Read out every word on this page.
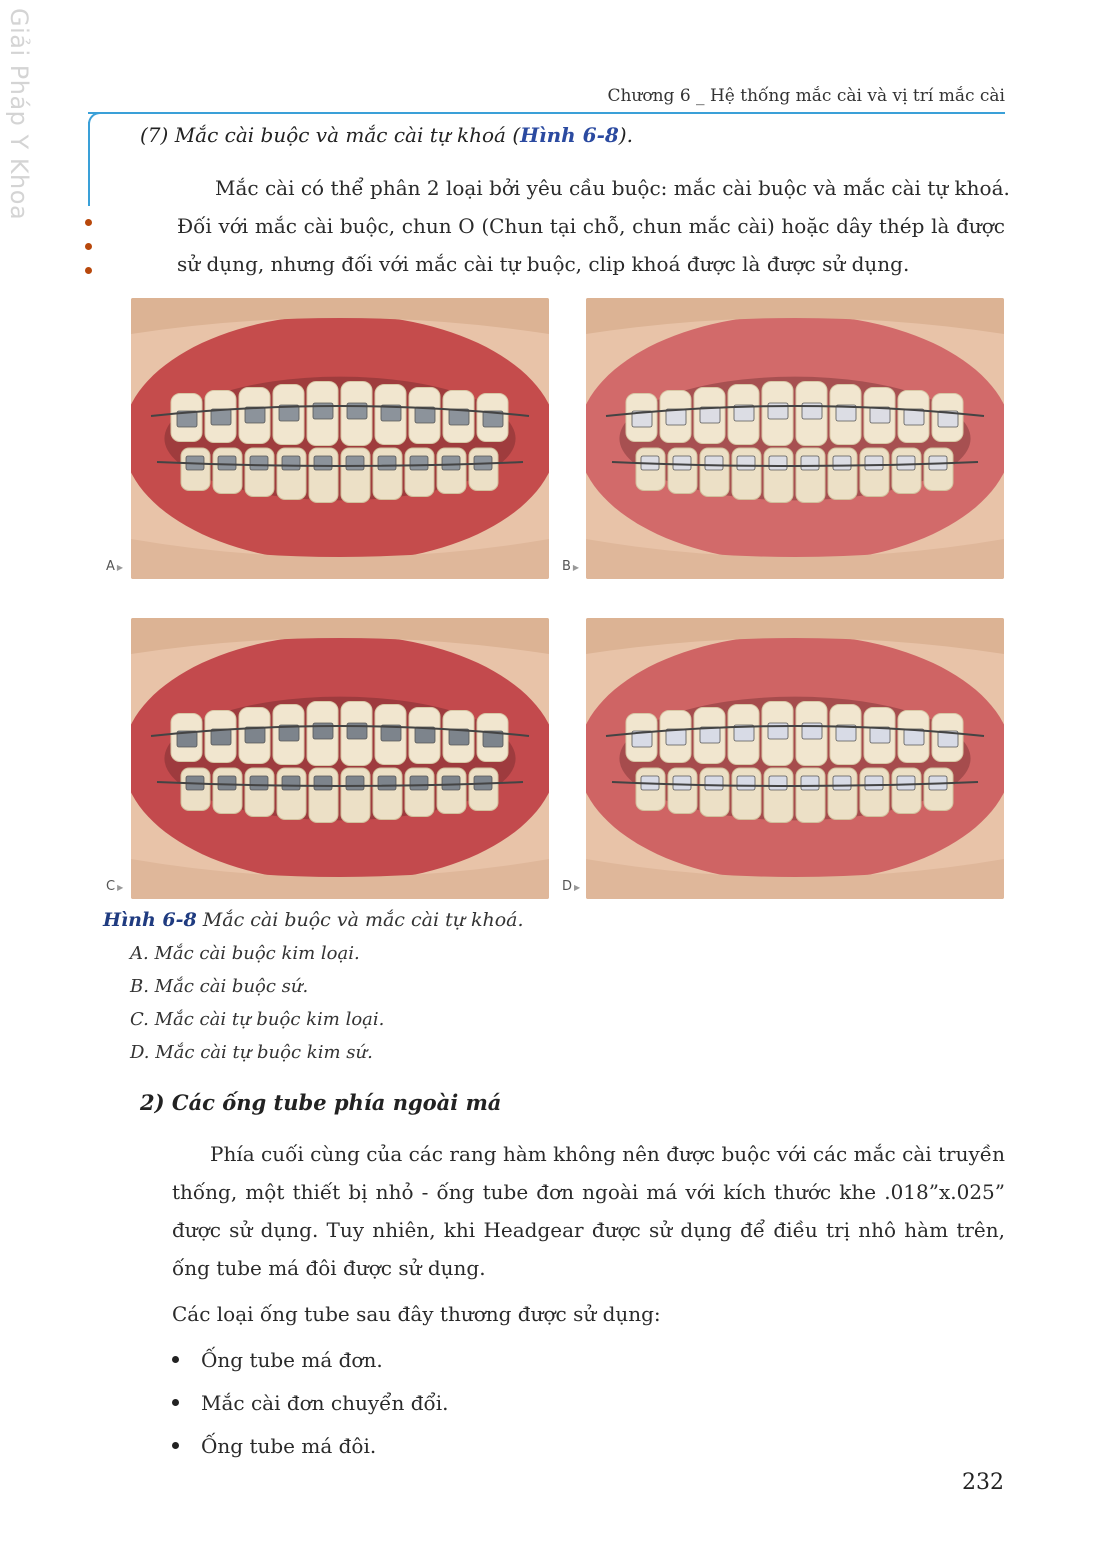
Giải Pháp Y Khoa	Chương 6 _ Hệ thống mắc cài và vị trí mắc cài
(7) Mắc cài buộc và mắc cài tự khoá (Hình 6-8).
Mắc cài có thể phân 2 loại bởi yêu cầu buộc: mắc cài buộc và mắc cài tự khoá.
Đối với mắc cài buộc, chun O (Chun tại chỗ, chun mắc cài) hoặc dây thép là được
sử dụng, nhưng đối với mắc cài tự buộc, clip khoá được là được sử dụng.
A ▶	B ▶
C ▶	D ▶
Hình 6-8 Mắc cài buộc và mắc cài tự khoá.
A. Mắc cài buộc kim loại.
B. Mắc cài buộc sứ.
C. Mắc cài tự buộc kim loại.
D. Mắc cài tự buộc kim sứ.
2) Các ống tube phía ngoài má
Phía cuối cùng của các rang hàm không nên được buộc với các mắc cài truyền
thống, một thiết bị nhỏ - ống tube đơn ngoài má với kích thước khe .018”x.025”
được sử dụng. Tuy nhiên, khi Headgear được sử dụng để điều trị nhô hàm trên,
ống tube má đôi được sử dụng.
Các loại ống tube sau đây thương được sử dụng:
Ống tube má đơn.
Mắc cài đơn chuyển đổi.
Ống tube má đôi.
232
